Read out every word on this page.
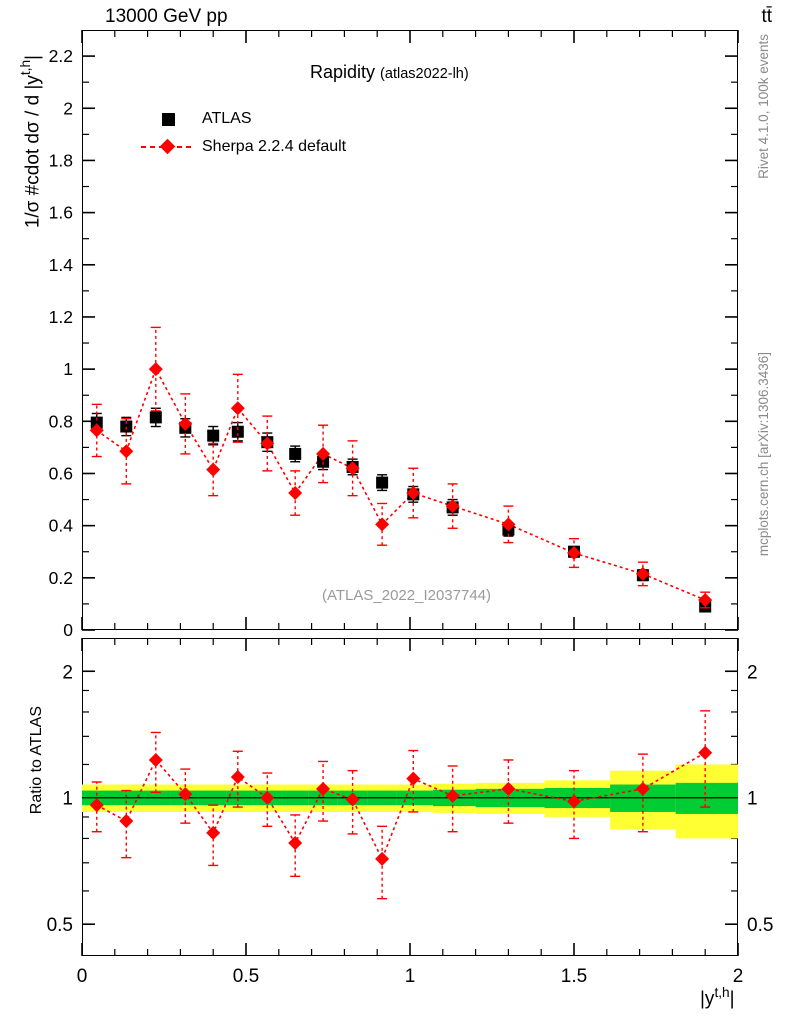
13000 GeV pp	tt̄
Rivet 4.1.0, 100k events
mcplots.cern.ch [arXiv:1306.3436]
1/σ #cdot dσ / d $|y^{t,h}|$
Rapidity (atlas2022-lh)
ATLAS
Sherpa 2.2.4 default
(ATLAS_2022_I2037744)
Ratio to ATLAS
$|y^{t,h}|$
0
0.2
0.4
0.6
0.8
1
1.2
1.4
1.6
1.8
2
2.2
0.5	0.5
1	1
2	2
0	0.5	1	1.5	2
